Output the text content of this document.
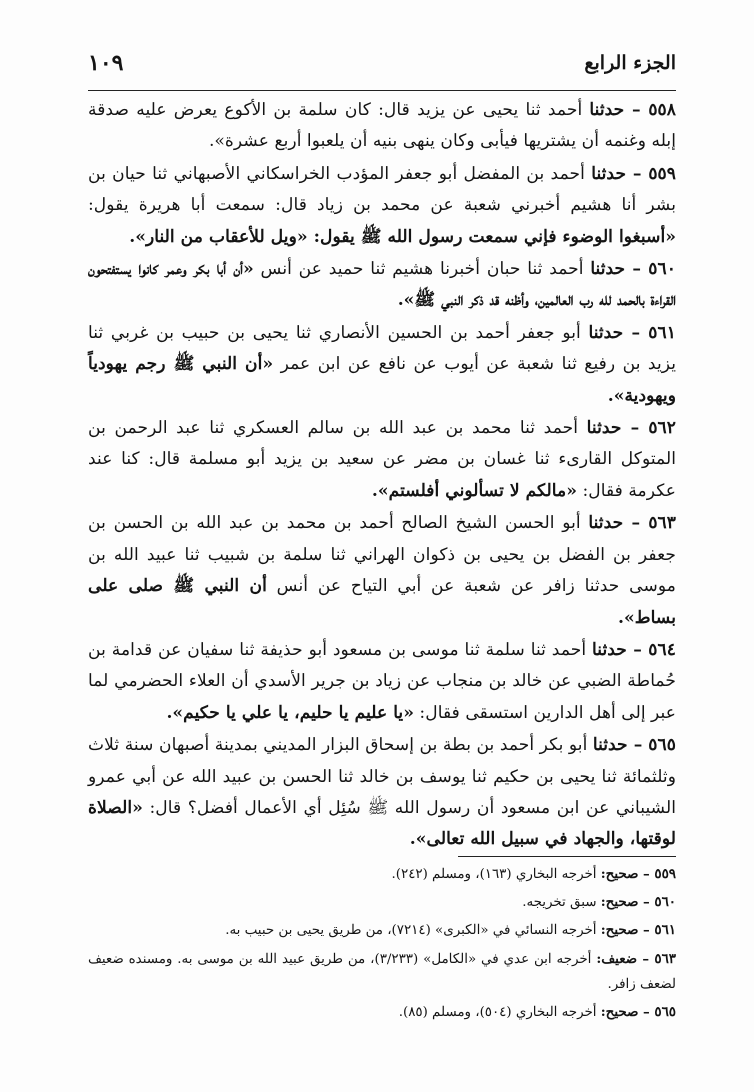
١٠٩	الجزء الرابع

٥٥٨ – حدثنا أحمد ثنا يحيى عن يزيد قال: كان سلمة بن الأكوع يعرض عليه صدقة إبله وغنمه أن يشتريها فيأبى وكان ينهى بنيه أن يلعبوا أربع عشرة».

٥٥٩ – حدثنا أحمد بن المفضل أبو جعفر المؤدب الخراسكاني الأصبهاني ثنا حيان بن بشر أنا هشيم أخبرني شعبة عن محمد بن زياد قال: سمعت أبا هريرة يقول: «أسبغوا الوضوء فإني سمعت رسول الله ﷺ يقول: «ويل للأعقاب من النار».

٥٦٠ – حدثنا أحمد ثنا حبان أخبرنا هشيم ثنا حميد عن أنس «أن أبا بكر وعمر كانوا يستفتحون القراءة بالحمد لله رب العالمين، وأظنه قد ذكر النبي ﷺ».

٥٦١ – حدثنا أبو جعفر أحمد بن الحسين الأنصاري ثنا يحيى بن حبيب بن غربي ثنا يزيد بن رفيع ثنا شعبة عن أيوب عن نافع عن ابن عمر «أن النبي ﷺ رجم يهودياً ويهودية».

٥٦٢ – حدثنا أحمد ثنا محمد بن عبد الله بن سالم العسكري ثنا عبد الرحمن بن المتوكل القارىء ثنا غسان بن مضر عن سعيد بن يزيد أبو مسلمة قال: كنا عند عكرمة فقال: «مالكم لا تسألوني أفلستم».

٥٦٣ – حدثنا أبو الحسن الشيخ الصالح أحمد بن محمد بن عبد الله بن الحسن بن جعفر بن الفضل بن يحيى بن ذكوان الهراني ثنا سلمة بن شبيب ثنا عبيد الله بن موسى حدثنا زافر عن شعبة عن أبي التياح عن أنس أن النبي ﷺ صلى على بساط».

٥٦٤ – حدثنا أحمد ثنا سلمة ثنا موسى بن مسعود أبو حذيفة ثنا سفيان عن قدامة بن حُماطة الضبي عن خالد بن منجاب عن زياد بن جرير الأسدي أن العلاء الحضرمي لما عبر إلى أهل الدارين استسقى فقال: «يا عليم يا حليم، يا علي يا حكيم».

٥٦٥ – حدثنا أبو بكر أحمد بن بطة بن إسحاق البزار المديني بمدينة أصبهان سنة ثلاث وثلثمائة ثنا يحيى بن حكيم ثنا يوسف بن خالد ثنا الحسن بن عبيد الله عن أبي عمرو الشيباني عن ابن مسعود أن رسول الله ﷺ سُئِل أي الأعمال أفضل؟ قال: «الصلاة لوقتها، والجهاد في سبيل الله تعالى».

٥٥٩ – صحيح: أخرجه البخاري (١٦٣)، ومسلم (٢٤٢).

٥٦٠ – صحيح: سبق تخريجه.

٥٦١ – صحيح: أخرجه النسائي في «الكبرى» (٧٢١٤)، من طريق يحيى بن حبيب به.

٥٦٣ – ضعيف: أخرجه ابن عدي في «الكامل» (٣/٢٣٣)، من طريق عبيد الله بن موسى به. ومسنده ضعيف لضعف زافر.

٥٦٥ – صحيح: أخرجه البخاري (٥٠٤)، ومسلم (٨٥).
